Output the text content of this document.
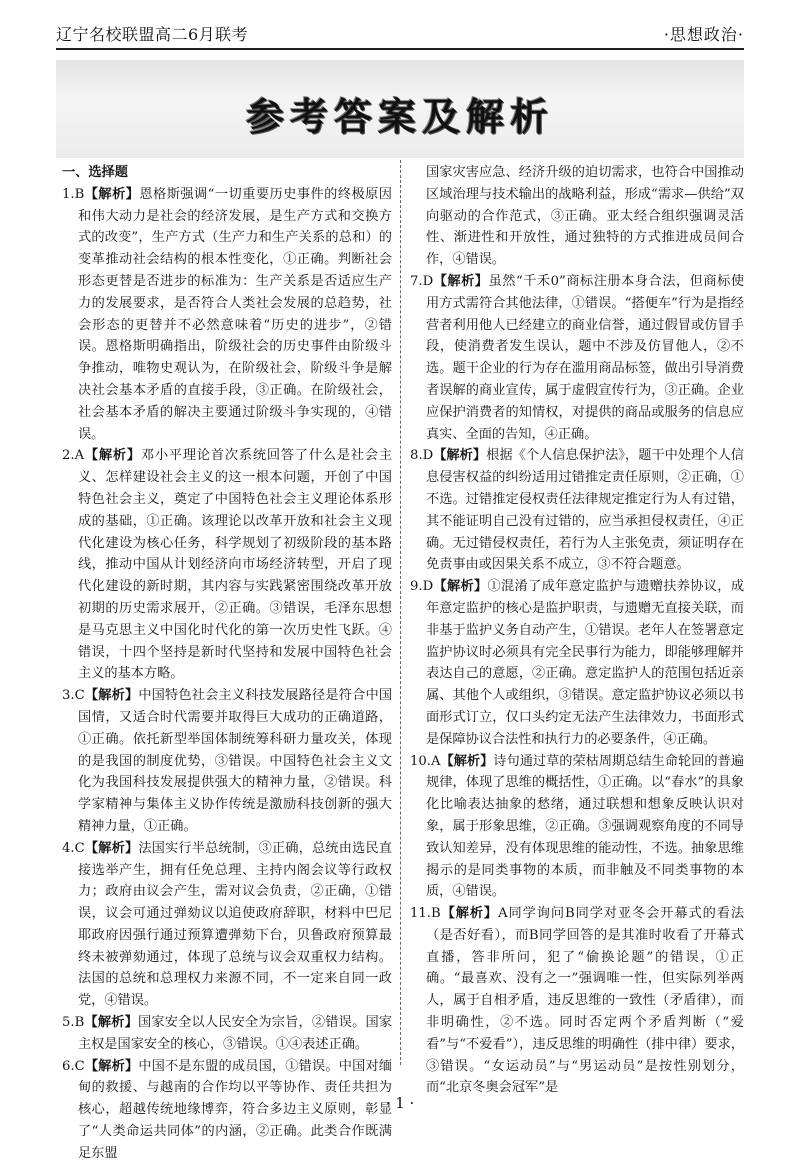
辽宁名校联盟高二6月联考	·思想政治·
参考答案及解析

一、选择题

1.B【解析】恩格斯强调“一切重要历史事件的终极原因和伟大动力是社会的经济发展，是生产方式和交换方式的改变”，生产方式（生产力和生产关系的总和）的变革推动社会结构的根本性变化，①正确。判断社会形态更替是否进步的标准为：生产关系是否适应生产力的发展要求，是否符合人类社会发展的总趋势，社会形态的更替并不必然意味着“历史的进步”，②错误。恩格斯明确指出，阶级社会的历史事件由阶级斗争推动，唯物史观认为，在阶级社会，阶级斗争是解决社会基本矛盾的直接手段，③正确。在阶级社会，社会基本矛盾的解决主要通过阶级斗争实现的，④错误。

2.A【解析】邓小平理论首次系统回答了什么是社会主义、怎样建设社会主义的这一根本问题，开创了中国特色社会主义，奠定了中国特色社会主义理论体系形成的基础，①正确。该理论以改革开放和社会主义现代化建设为核心任务，科学规划了初级阶段的基本路线，推动中国从计划经济向市场经济转型，开启了现代化建设的新时期，其内容与实践紧密围绕改革开放初期的历史需求展开，②正确。③错误，毛泽东思想是马克思主义中国化时代化的第一次历史性飞跃。④错误，十四个坚持是新时代坚持和发展中国特色社会主义的基本方略。

3.C【解析】中国特色社会主义科技发展路径是符合中国国情，又适合时代需要并取得巨大成功的正确道路，①正确。依托新型举国体制统筹科研力量攻关，体现的是我国的制度优势，③错误。中国特色社会主义文化为我国科技发展提供强大的精神力量，②错误。科学家精神与集体主义协作传统是激励科技创新的强大精神力量，①正确。

4.C【解析】法国实行半总统制，③正确，总统由选民直接选举产生，拥有任免总理、主持内阁会议等行政权力；政府由议会产生，需对议会负责，②正确，①错误，议会可通过弹劾议以追使政府辞职，材料中巴尼耶政府因强行通过预算遭弹劾下台，贝鲁政府预算最终未被弹劾通过，体现了总统与议会双重权力结构。法国的总统和总理权力来源不同，不一定来自同一政党，④错误。

5.B【解析】国家安全以人民安全为宗旨，②错误。国家主权是国家安全的核心，③错误。①④表述正确。

6.C【解析】中国不是东盟的成员国，①错误。中国对缅甸的救援、与越南的合作均以平等协作、责任共担为核心，超越传统地缘博弈，符合多边主义原则，彰显了“人类命运共同体”的内涵，②正确。此类合作既满足东盟

国家灾害应急、经济升级的迫切需求，也符合中国推动区域治理与技术输出的战略利益，形成“需求—供给”双向驱动的合作范式，③正确。亚太经合组织强调灵活性、渐进性和开放性，通过独特的方式推进成员间合作，④错误。

7.D【解析】虽然“千禾0”商标注册本身合法，但商标使用方式需符合其他法律，①错误。“搭便车”行为是指经营者利用他人已经建立的商业信誉，通过假冒或仿冒手段，使消费者发生误认，题中不涉及仿冒他人，②不选。题干企业的行为存在滥用商品标签，做出引导消费者误解的商业宣传，属于虚假宣传行为，③正确。企业应保护消费者的知情权，对提供的商品或服务的信息应真实、全面的告知，④正确。

8.D【解析】根据《个人信息保护法》，题干中处理个人信息侵害权益的纠纷适用过错推定责任原则，②正确，①不选。过错推定侵权责任法律规定推定行为人有过错，其不能证明自己没有过错的，应当承担侵权责任，④正确。无过错侵权责任，若行为人主张免责，须证明存在免责事由或因果关系不成立，③不符合题意。

9.D【解析】①混淆了成年意定监护与遗赠扶养协议，成年意定监护的核心是监护职责，与遗赠无直接关联，而非基于监护义务自动产生，①错误。老年人在签署意定监护协议时必须具有完全民事行为能力，即能够理解并表达自己的意愿，②正确。意定监护人的范围包括近亲属、其他个人或组织，③错误。意定监护协议必须以书面形式订立，仅口头约定无法产生法律效力，书面形式是保障协议合法性和执行力的必要条件，④正确。

10.A【解析】诗句通过草的荣枯周期总结生命轮回的普遍规律，体现了思维的概括性，①正确。以“春水”的具象化比喻表达抽象的愁绪，通过联想和想象反映认识对象，属于形象思维，②正确。③强调观察角度的不同导致认知差异，没有体现思维的能动性，不选。抽象思维揭示的是同类事物的本质，而非触及不同类事物的本质，④错误。

11.B【解析】A同学询问B同学对亚冬会开幕式的看法（是否好看），而B同学回答的是其准时收看了开幕式直播，答非所问，犯了“偷换论题”的错误，①正确。“最喜欢、没有之一”强调唯一性，但实际列举两人，属于自相矛盾，违反思维的一致性（矛盾律），而非明确性，②不选。同时否定两个矛盾判断（“爱看”与“不爱看”），违反思维的明确性（排中律）要求，③错误。“女运动员”与“男运动员”是按性别划分，而“北京冬奥会冠军”是

· 1 ·
